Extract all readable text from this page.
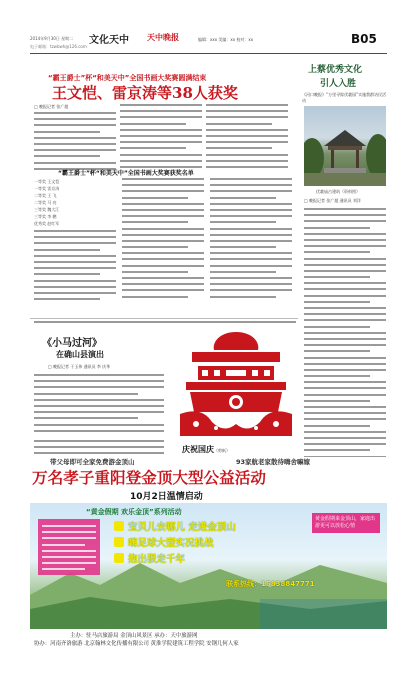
2014年9月30日 星期二	文化天中 天中晚报	编辑：xxx 美编：xx 校对：xx	B05
电子邮箱：tzwbwh@126.com
“霸王爵士”杯“和美天中”全国书画大奖赛圆满结束
王文恺、雷京涛等38人获奖
□ 晚报记者 张广超
“霸王爵士”杯“和美天中”全国书画大奖赛获奖名单
一等奖 王文恺
一等奖 雷京涛
二等奖 王 飞
二等奖 马 亮
三等奖 魏大江
三等奖 李 鹏
优秀奖 赵红军
上蔡优秀文化
引人入胜
《河口晚报》“万里寻踪伏羲园”实施我群访民活动
伏羲庙古建筑（资料图）
□ 晚报记者 张广超 通讯员 刘洋
《小马过河》
在确山县演出
□ 晚报记者 于玉伟 通讯员 李 庆华
庆祝国庆（剪纸）
带父母即可全家免费游金顶山	93家航老家散待嗨舍嘛嫁
万名孝子重阳登金顶大型公益活动
10月2日温情启动
“黄金假期 欢乐金顶”系列活动
宝贝儿去哪儿 走进金顶山
嗨足球大型实况挑战
抱出狠走千年
黄金假期来金顶山，家庭出游更可以放松心情
联系热线：15838847771
主办：驻马店旅游局 金顶山风景区 承办：天中旅游网
协办：河南齐洛旅游 北京翰林文化传播有限公司 黄淮学院建筑工程学院 安钢几何人家
